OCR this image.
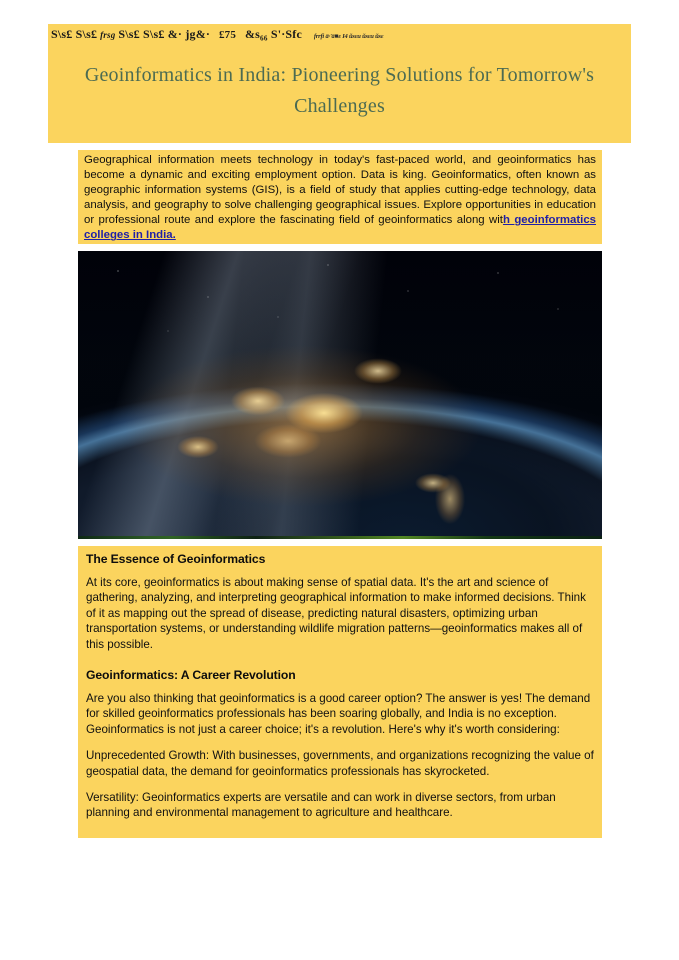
S\s£ S\s£ frsg S\s£ S\s£ &· jg&· £75 &s₆₆ S'·Sfc frrfi ä·'ä■ε I4 ŭsεи ŭsεи ŭsε
Geoinformatics in India: Pioneering Solutions for Tomorrow's Challenges

Geographical information meets technology in today's fast-paced world, and geoinformatics has become a dynamic and exciting employment option. Data is king. Geoinformatics, often known as geographic information systems (GIS), is a field of study that applies cutting-edge technology, data analysis, and geography to solve challenging geographical issues. Explore opportunities in education or professional route and explore the fascinating field of geoinformatics along with geoinformatics colleges in India.

The Essence of Geoinformatics

At its core, geoinformatics is about making sense of spatial data. It's the art and science of gathering, analyzing, and interpreting geographical information to make informed decisions. Think of it as mapping out the spread of disease, predicting natural disasters, optimizing urban transportation systems, or understanding wildlife migration patterns—geoinformatics makes all of this possible.

Geoinformatics: A Career Revolution

Are you also thinking that geoinformatics is a good career option? The answer is yes! The demand for skilled geoinformatics professionals has been soaring globally, and India is no exception. Geoinformatics is not just a career choice; it's a revolution. Here's why it's worth considering:

Unprecedented Growth: With businesses, governments, and organizations recognizing the value of geospatial data, the demand for geoinformatics professionals has skyrocketed.

Versatility: Geoinformatics experts are versatile and can work in diverse sectors, from urban planning and environmental management to agriculture and healthcare.
